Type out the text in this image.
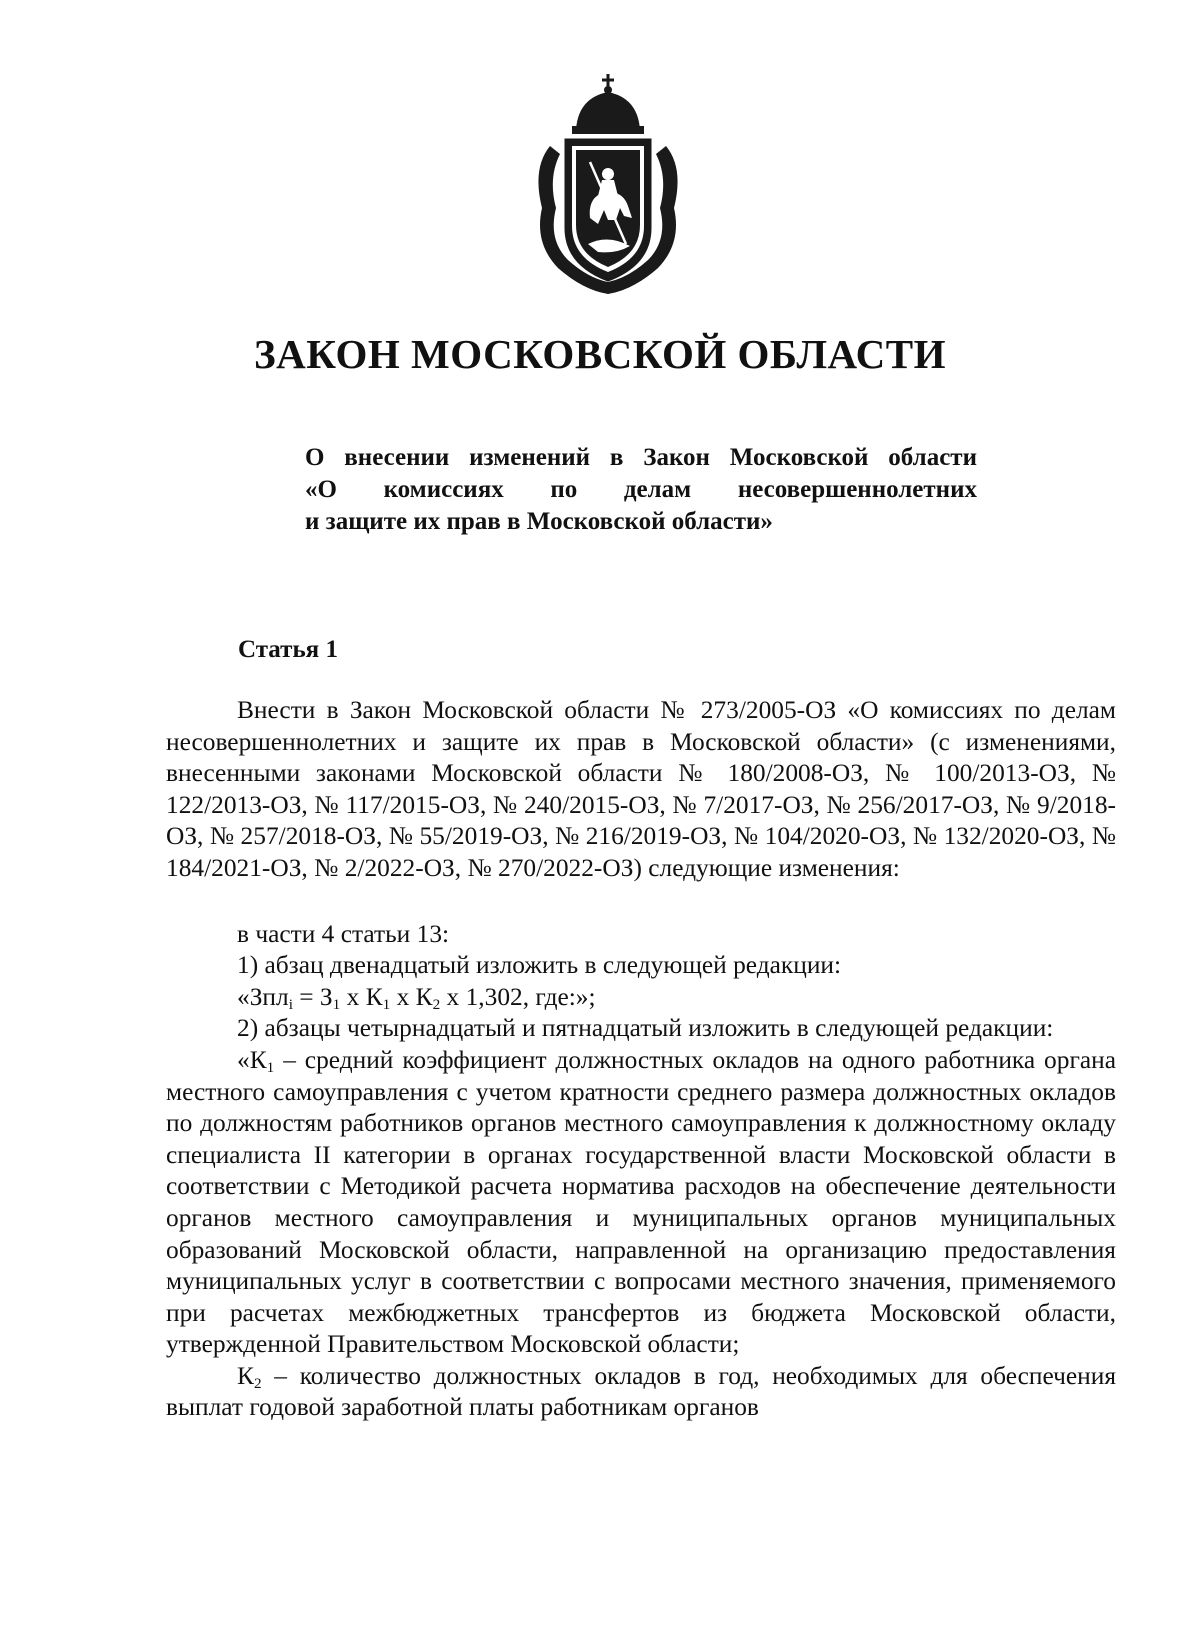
ЗАКОН МОСКОВСКОЙ ОБЛАСТИ
О внесении изменений в Закон Московской области
«О комиссиях по делам несовершеннолетних
и защите их прав в Московской области»
Статья 1

Внести в Закон Московской области № 273/2005-ОЗ «О комиссиях по делам несовершеннолетних и защите их прав в Московской области» (с изменениями, внесенными законами Московской области № 180/2008-ОЗ, № 100/2013-ОЗ, № 122/2013-ОЗ, № 117/2015-ОЗ, № 240/2015-ОЗ, № 7/2017-ОЗ, № 256/2017-ОЗ, № 9/2018-ОЗ, № 257/2018-ОЗ, № 55/2019-ОЗ, № 216/2019-ОЗ, № 104/2020-ОЗ, № 132/2020-ОЗ, № 184/2021-ОЗ, № 2/2022-ОЗ, № 270/2022-ОЗ) следующие изменения:

в части 4 статьи 13:

1) абзац двенадцатый изложить в следующей редакции:

«$Зпл_i = З_1$ х $К_1$ х $К_2$ х 1,302, где:»;

2) абзацы четырнадцатый и пятнадцатый изложить в следующей редакции:

«$К_1$ – средний коэффициент должностных окладов на одного работника органа местного самоуправления с учетом кратности среднего размера должностных окладов по должностям работников органов местного самоуправления к должностному окладу специалиста II категории в органах государственной власти Московской области в соответствии с Методикой расчета норматива расходов на обеспечение деятельности органов местного самоуправления и муниципальных органов муниципальных образований Московской области, направленной на организацию предоставления муниципальных услуг в соответствии с вопросами местного значения, применяемого при расчетах межбюджетных трансфертов из бюджета Московской области, утвержденной Правительством Московской области;

$К_2$ – количество должностных окладов в год, необходимых для обеспечения выплат годовой заработной платы работникам органов
